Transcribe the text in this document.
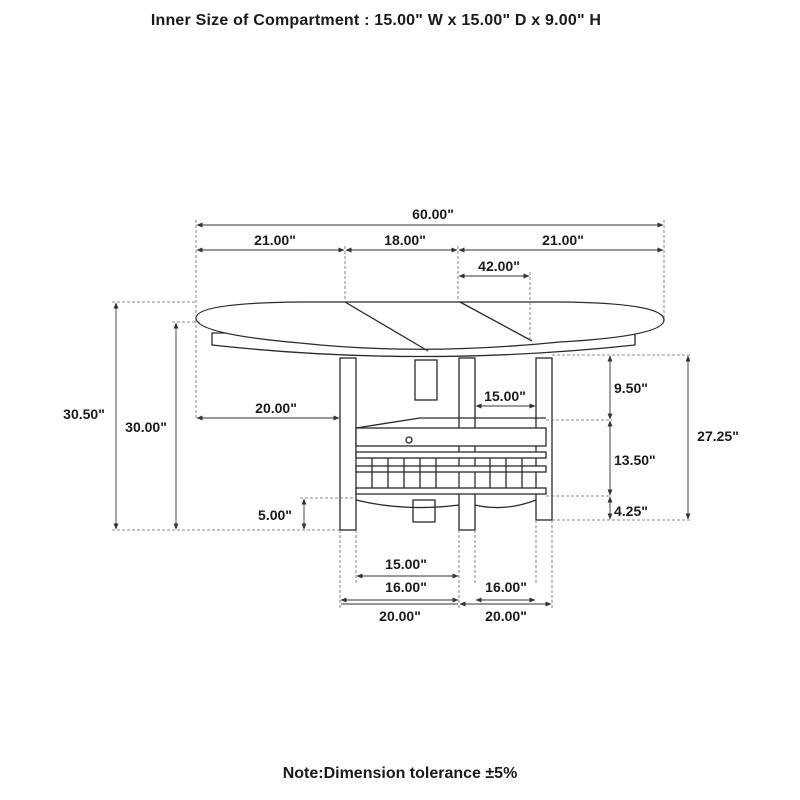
Inner Size of Compartment : 15.00" W x 15.00" D x 9.00" H
60.00"
21.00"	18.00"	21.00"
42.00"
30.50"
30.00"
20.00"
15.00"	9.50"
27.25"
13.50"
4.25"
5.00"
15.00"
16.00"	16.00"
20.00"	20.00"
Note:Dimension tolerance ±5%
